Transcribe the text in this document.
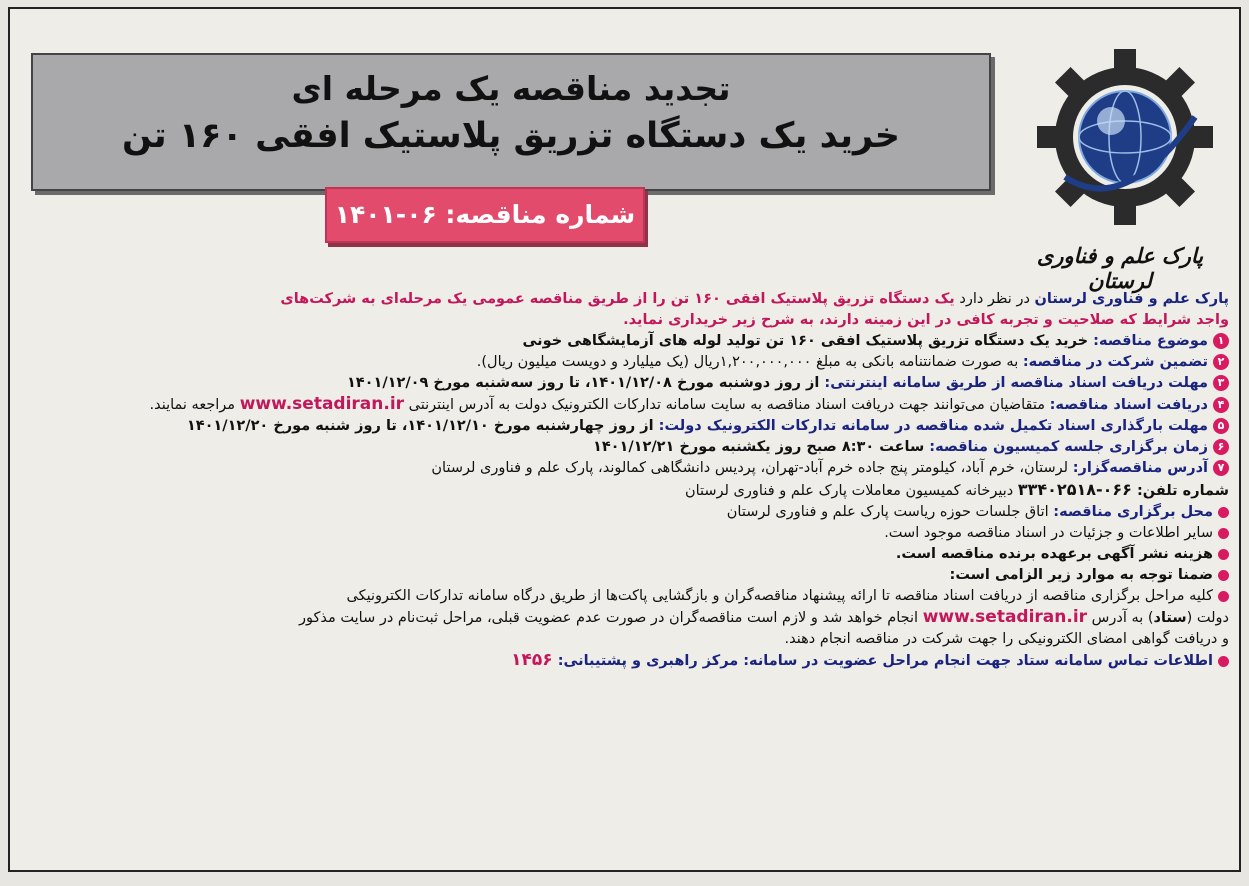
پارک علم و فناوری لرستان
تجدید مناقصه یک مرحله ای
خرید یک دستگاه تزریق پلاستیک افقی ۱۶۰ تن
شماره مناقصه: ۰۶-۱۴۰۱
پارک علم و فناوری لرستان در نظر دارد یک دستگاه تزریق پلاستیک افقی ۱۶۰ تن را از طریق مناقصه عمومی یک مرحله‌ای به شرکت‌های
واجد شرایط که صلاحیت و تجربه کافی در این زمینه دارند، به شرح زیر خریداری نماید.
۱موضوع مناقصه: خرید یک دستگاه تزریق پلاستیک افقی ۱۶۰ تن تولید لوله های آزمایشگاهی خونی
۲تضمین شرکت در مناقصه: به صورت ضمانتنامه بانکی به مبلغ ۱,۲۰۰,۰۰۰,۰۰۰ریال (یک میلیارد و دویست میلیون ریال).
۳مهلت دریافت اسناد مناقصه از طریق سامانه اینترنتی: از روز دوشنبه مورخ ۱۴۰۱/۱۲/۰۸، تا روز سه‌شنبه مورخ ۱۴۰۱/۱۲/۰۹
۴دریافت اسناد مناقصه: متقاضیان می‌توانند جهت دریافت اسناد مناقصه به سایت سامانه تدارکات الکترونیک دولت به آدرس اینترنتی www.setadiran.ir مراجعه نمایند.
۵مهلت بارگذاری اسناد تکمیل شده مناقصه در سامانه تدارکات الکترونیک دولت: از روز چهارشنبه مورخ ۱۴۰۱/۱۲/۱۰، تا روز شنبه مورخ ۱۴۰۱/۱۲/۲۰
۶زمان برگزاری جلسه کمیسیون مناقصه: ساعت ۸:۳۰ صبح روز یکشنبه مورخ ۱۴۰۱/۱۲/۲۱
۷آدرس مناقصه‌گزار: لرستان، خرم آباد، کیلومتر پنج جاده خرم آباد-تهران، پردیس دانشگاهی کمالوند، پارک علم و فناوری لرستان
شماره تلفن: ۰۶۶-۳۳۴۰۲۵۱۸ دبیرخانه کمیسیون معاملات پارک علم و فناوری لرستان
محل برگزاری مناقصه: اتاق جلسات حوزه ریاست پارک علم و فناوری لرستان
سایر اطلاعات و جزئیات در اسناد مناقصه موجود است.
هزینه نشر آگهی برعهده برنده مناقصه است.
ضمنا توجه به موارد زیر الزامی است:
کلیه مراحل برگزاری مناقصه از دریافت اسناد مناقصه تا ارائه پیشنهاد مناقصه‌گران و بازگشایی پاکت‌ها از طریق درگاه سامانه تدارکات الکترونیکی
دولت (ستاد) به آدرس www.setadiran.ir انجام خواهد شد و لازم است مناقصه‌گران در صورت عدم عضویت قبلی، مراحل ثبت‌نام در سایت مذکور
و دریافت گواهی امضای الکترونیکی را جهت شرکت در مناقصه انجام دهند.
اطلاعات تماس سامانه ستاد جهت انجام مراحل عضویت در سامانه: مرکز راهبری و پشتیبانی: ۱۴۵۶
